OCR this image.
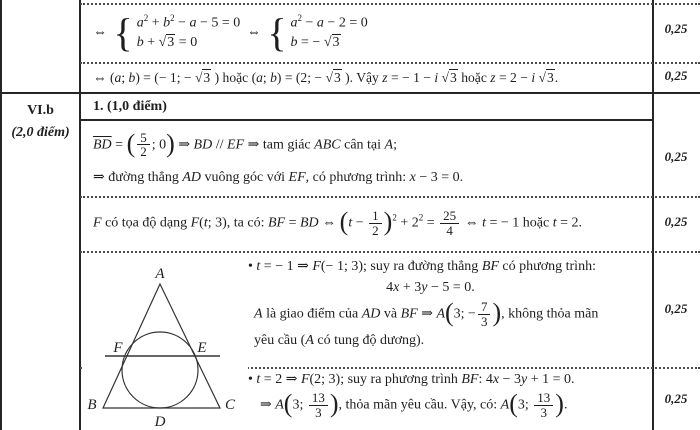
VI.b
(2,0 điểm)
⇔ { $a^2 + b^2 - a - 5 = 0$
b + √3 = 0
⇔ { $a^2 - a - 2 = 0$
b = − √3
⇔ (a; b) = (− 1; − √3 ) hoặc (a; b) = (2; − √3 ). Vậy z = − 1 − i √3 hoặc z = 2 − i √3.
1. (1,0 điểm)
$\overline{BD}$ = ( $\frac{5}{2}$ ; 0) ⇒ BD // EF ⇒ tam giác ABC cân tại A;
⇒ đường thẳng AD vuông góc với EF, có phương trình: x − 3 = 0.
F có tọa độ dạng F(t; 3), ta có: BF = BD ⇔ $(t - \frac{1}{2} )^2 + 2^2 = \frac{25}{4}$ ⇔ t = − 1 hoặc t = 2.
• t = − 1 ⇒ F(− 1; 3); suy ra đường thẳng BF có phương trình:
4x + 3y − 5 = 0.
A là giao điểm của AD và BF ⇒ A(3; − $\frac{7}{3}$ ), không thỏa mãn
yêu cầu (A có tung độ dương).
• t = 2 ⇒ F(2; 3); suy ra phương trình BF: 4x − 3y + 1 = 0.
⇒ A(3; $\frac{13}{3}$ ), thỏa mãn yêu cầu. Vậy, có: A(3; $\frac{13}{3}$ ).
0,25
0,25
0,25
0,25
0,25
0,25
A
B	C
D
E
F
